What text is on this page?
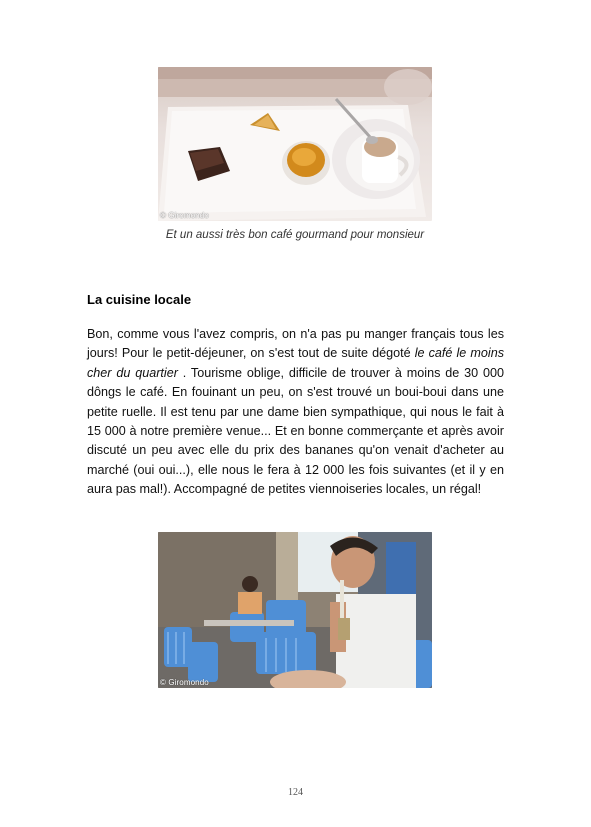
© Giromondo
Et un aussi très bon café gourmand pour monsieur
La cuisine locale
Bon, comme vous l'avez compris, on n'a pas pu manger français tous les jours! Pour le petit-déjeuner, on s'est tout de suite dégoté le café le moins cher du quartier . Tourisme oblige, difficile de trouver à moins de 30 000 dôngs le café. En fouinant un peu, on s'est trouvé un boui-boui dans une petite ruelle. Il est tenu par une dame bien sympathique, qui nous le fait à 15 000 à notre première venue... Et en bonne commerçante et après avoir discuté un peu avec elle du prix des bananes qu'on venait d'acheter au marché (oui oui...), elle nous le fera à 12 000 les fois suivantes (et il y en aura pas mal!). Accompagné de petites viennoiseries locales, un régal!
© Giromondo
124
